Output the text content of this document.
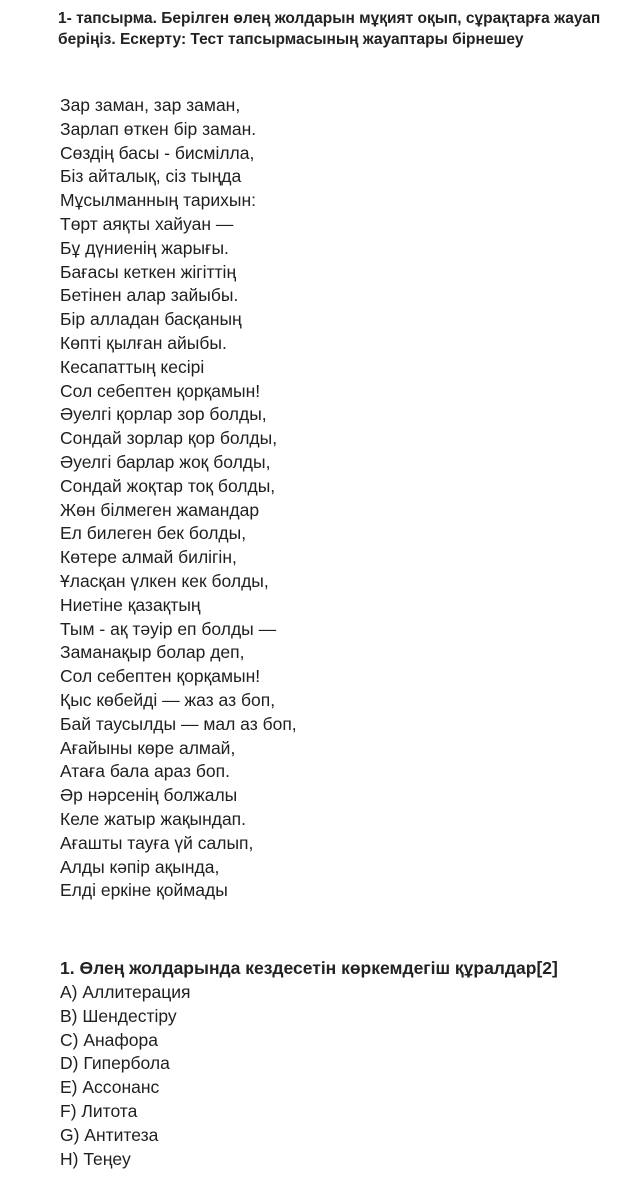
1- тапсырма. Берілген өлең жолдарын мұқият оқып, сұрақтарға жауап беріңіз. Ескерту: Тест тапсырмасының жауаптары бірнешеу

Зар заман, зар заман,
Зарлап өткен бір заман.
Сөздің басы - бисмілла,
Біз айталық, сіз тыңда
Мұсылманның тарихын:
Төрт аяқты хайуан —
Бұ дүниенің жарығы.
Бағасы кеткен жігіттің
Бетінен алар зайыбы.
Бір алладан басқаның
Көпті қылған айыбы.
Кесапаттың кесірі
Сол себептен қорқамын!
Әуелгі қорлар зор болды,
Сондай зорлар қор болды,
Әуелгі барлар жоқ болды,
Сондай жоқтар тоқ болды,
Жөн білмеген жамандар
Ел билеген бек болды,
Көтере алмай билігін,
Ұласқан үлкен кек болды,
Ниетіне қазақтың
Тым - ақ тәуір еп болды —
Заманақыр болар деп,
Сол себептен қорқамын!
Қыс көбейді — жаз аз боп,
Бай таусылды — мал аз боп,
Ағайыны көре алмай,
Атаға бала араз боп.
Әр нәрсенің болжалы
Келе жатыр жақындап.
Ағашты тауға үй салып,
Алды кәпір ақында,
Елді еркіне қоймады

1. Өлең жолдарында кездесетін көркемдегіш құралдар[2]

A) Аллитерация
B) Шендестіру
C) Анафора
D) Гипербола
E) Ассонанс
F) Литота
G) Антитеза
H) Теңеу
